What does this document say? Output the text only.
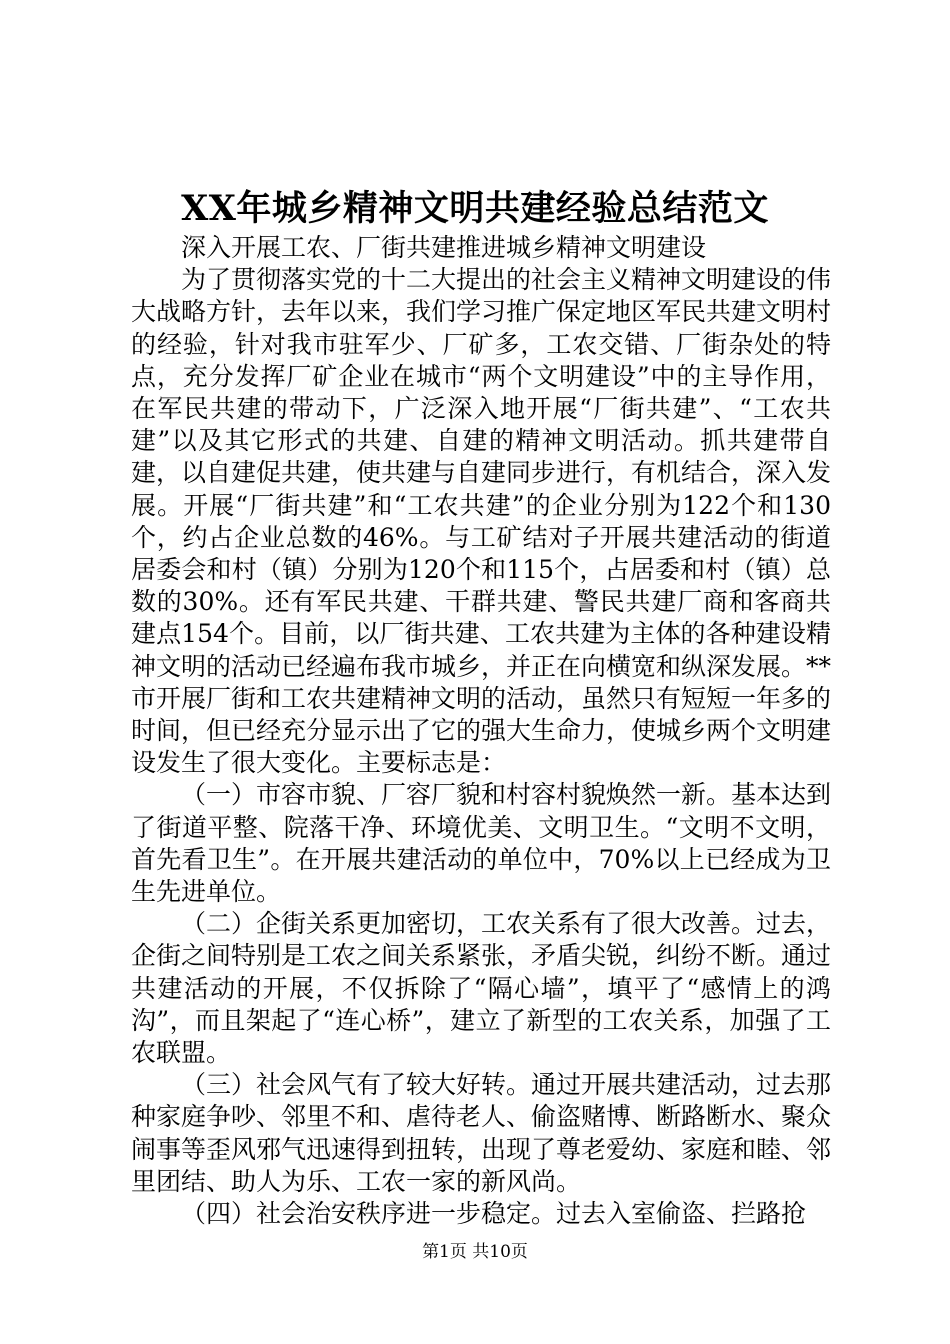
XX年城乡精神文明共建经验总结范文

深入开展工农、厂街共建推进城乡精神文明建设

为了贯彻落实党的十二大提出的社会主义精神文明建设的伟大战略方针，去年以来，我们学习推广保定地区军民共建文明村的经验，针对我市驻军少、厂矿多，工农交错、厂街杂处的特点，充分发挥厂矿企业在城市“两个文明建设”中的主导作用，在军民共建的带动下，广泛深入地开展“厂街共建”、“工农共建”以及其它形式的共建、自建的精神文明活动。抓共建带自建，以自建促共建，使共建与自建同步进行，有机结合，深入发展。开展“厂街共建”和“工农共建”的企业分别为122个和130个，约占企业总数的46%。与工矿结对子开展共建活动的街道居委会和村（镇）分别为120个和115个，占居委和村（镇）总数的30%。还有军民共建、干群共建、警民共建厂商和客商共建点154个。目前，以厂街共建、工农共建为主体的各种建设精神文明的活动已经遍布我市城乡，并正在向横宽和纵深发展。**市开展厂街和工农共建精神文明的活动，虽然只有短短一年多的时间，但已经充分显示出了它的强大生命力，使城乡两个文明建设发生了很大变化。主要标志是：

（一）市容市貌、厂容厂貌和村容村貌焕然一新。基本达到了街道平整、院落干净、环境优美、文明卫生。“文明不文明，首先看卫生”。在开展共建活动的单位中，70%以上已经成为卫生先进单位。

（二）企街关系更加密切，工农关系有了很大改善。过去，企街之间特别是工农之间关系紧张，矛盾尖锐，纠纷不断。通过共建活动的开展，不仅拆除了“隔心墙”，填平了“感情上的鸿沟”，而且架起了“连心桥”，建立了新型的工农关系，加强了工农联盟。

（三）社会风气有了较大好转。通过开展共建活动，过去那种家庭争吵、邻里不和、虐待老人、偷盗赌博、断路断水、聚众闹事等歪风邪气迅速得到扭转，出现了尊老爱幼、家庭和睦、邻里团结、助人为乐、工农一家的新风尚。

（四）社会治安秩序进一步稳定。过去入室偷盗、拦路抢

第1页 共10页
